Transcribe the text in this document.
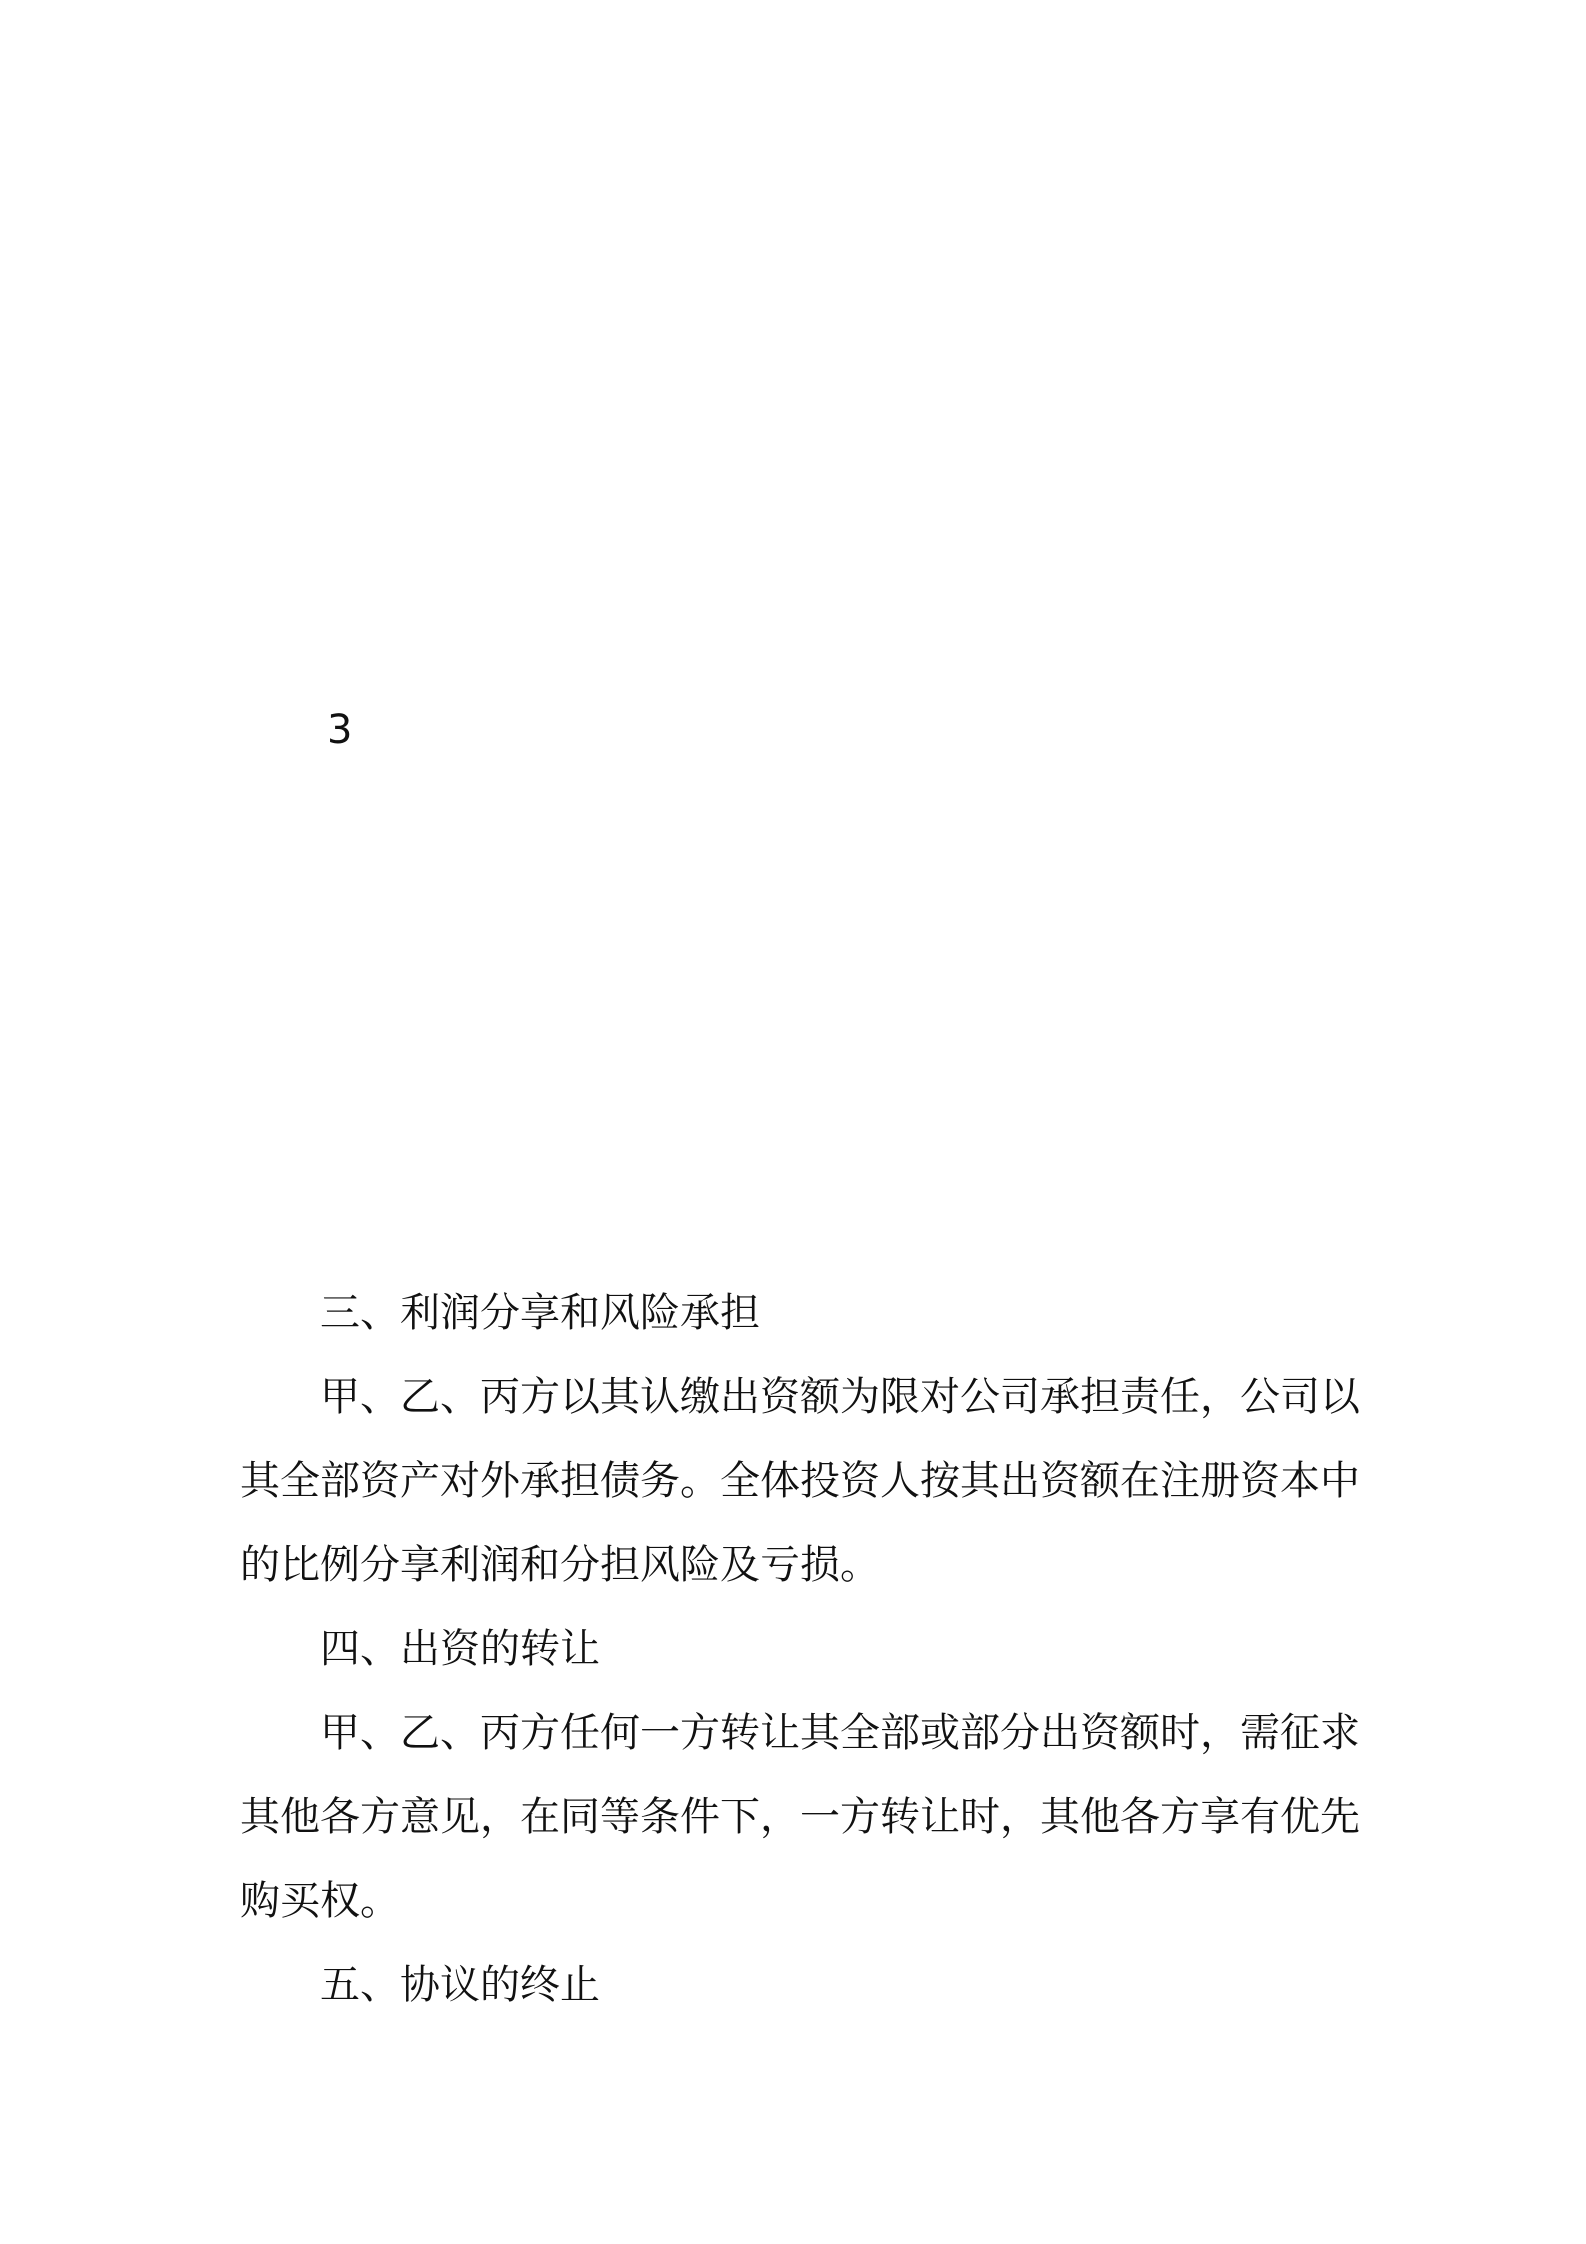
3
三、利润分享和风险承担
甲、乙、丙方以其认缴出资额为限对公司承担责任，公司以
其全部资产对外承担债务。全体投资人按其出资额在注册资本中
的比例分享利润和分担风险及亏损。
四、出资的转让
甲、乙、丙方任何一方转让其全部或部分出资额时，需征求
其他各方意见，在同等条件下，一方转让时，其他各方享有优先
购买权。
五、协议的终止
